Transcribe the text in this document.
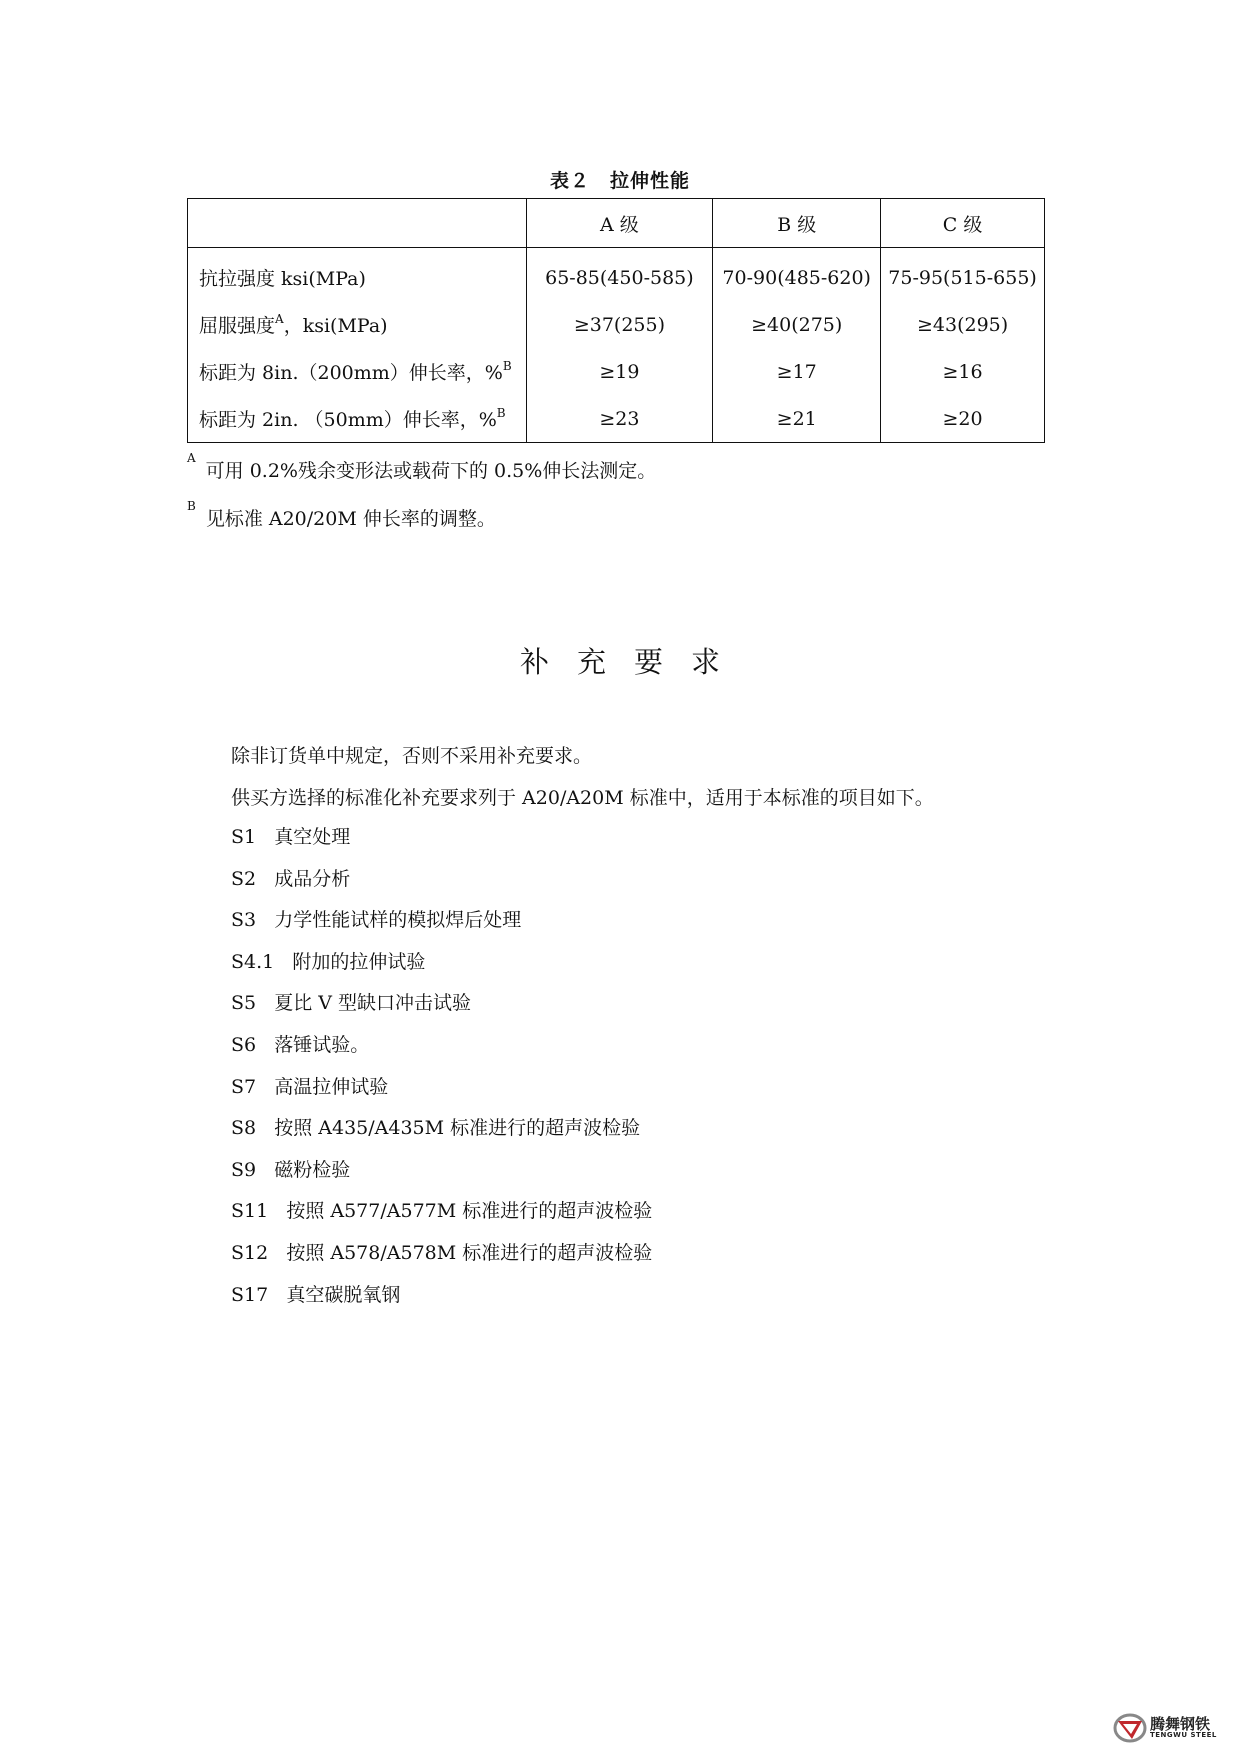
表２　拉伸性能
	A 级	B 级	C 级
抗拉强度 ksi(MPa)	65-85(450-585)	70-90(485-620)	75-95(515-655)
屈服强度$^A$，ksi(MPa)	≥37(255)	≥40(275)	≥43(295)
标距为 8in.（200mm）伸长率，%$^B$	≥19	≥17	≥16
标距为 2in. （50mm）伸长率，%$^B$	≥23	≥21	≥20
$^A$可用 0.2%残余变形法或载荷下的 0.5%伸长法测定。
$^B$见标准 A20/20M 伸长率的调整。
补充要求
除非订货单中规定，否则不采用补充要求。
供买方选择的标准化补充要求列于 A20/A20M 标准中，适用于本标准的项目如下。
S1 真空处理
S2 成品分析
S3 力学性能试样的模拟焊后处理
S4.1 附加的拉伸试验
S5 夏比 V 型缺口冲击试验
S6 落锤试验。
S7 高温拉伸试验
S8 按照 A435/A435M 标准进行的超声波检验
S9 磁粉检验
S11 按照 A577/A577M 标准进行的超声波检验
S12 按照 A578/A578M 标准进行的超声波检验
S17 真空碳脱氧钢
腾舞钢铁
TENGWU STEEL
